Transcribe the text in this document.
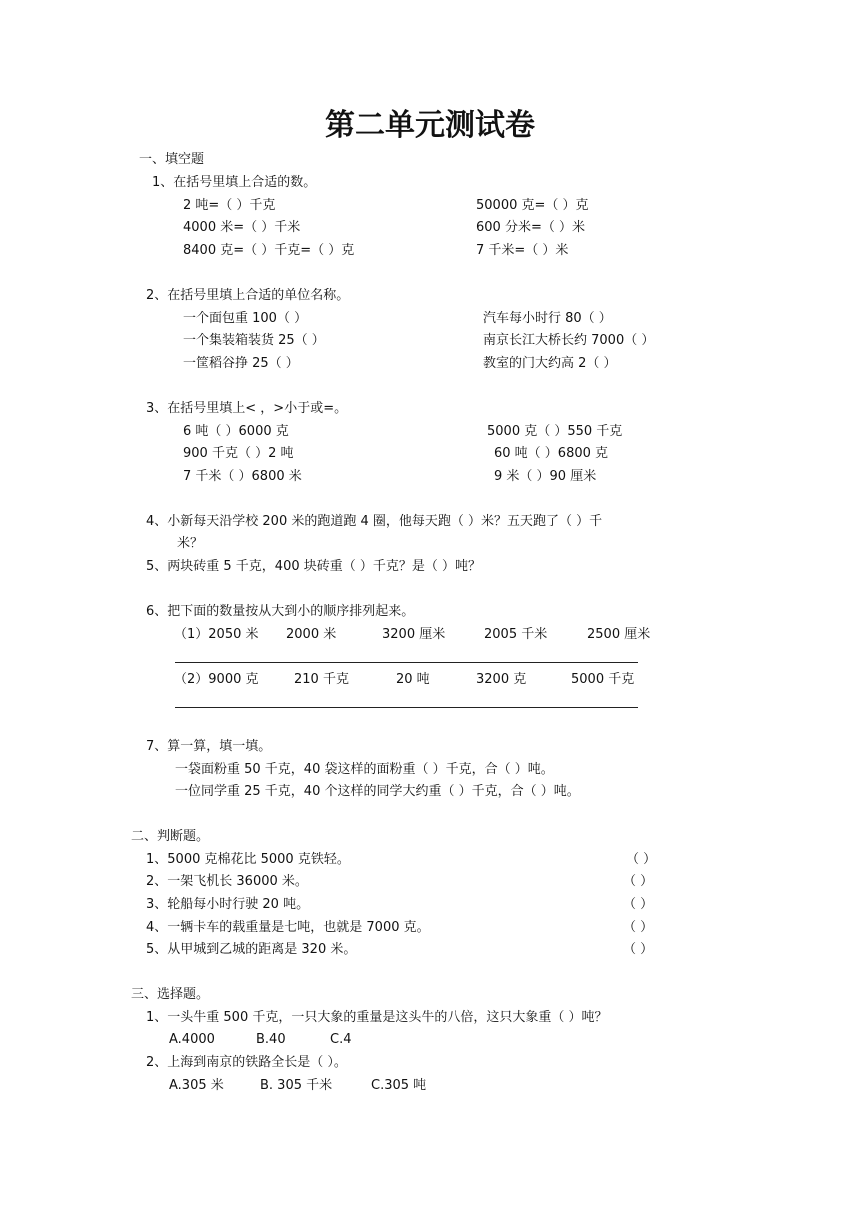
第二单元测试卷
一、填空题
1、在括号里填上合适的数。
2 吨=（ ）千克	50000 克=（ ）克
4000 米=（ ）千米	600 分米=（ ）米
8400 克=（ ）千克=（ ）克	7 千米=（ ）米
2、在括号里填上合适的单位名称。
一个面包重 100（ ）	汽车每小时行 80（ ）
一个集装箱装货 25（ ）	南京长江大桥长约 7000（ ）
一筐稻谷挣 25（ ）	教室的门大约高 2（ ）
3、在括号里填上< ，>小于或=。
6 吨（ ）6000 克	5000 克（ ）550 千克
900 千克（ ）2 吨	60 吨（ ）6800 克
7 千米（ ）6800 米	9 米（ ）90 厘米
4、小新每天沿学校 200 米的跑道跑 4 圈，他每天跑（ ）米？五天跑了（ ）千
米？
5、两块砖重 5 千克，400 块砖重（ ）千克？是（ ）吨？
6、把下面的数量按从大到小的顺序排列起来。
（1）2050 米 2000 米	3200 厘米	2005 千米	2500 厘米
（2）9000 克	210 千克	20 吨	3200 克	5000 千克
7、算一算，填一填。
一袋面粉重 50 千克，40 袋这样的面粉重（ ）千克，合（ ）吨。
一位同学重 25 千克，40 个这样的同学大约重（ ）千克，合（ ）吨。
二、判断题。
1、5000 克棉花比 5000 克铁轻。	（ ）
2、一架飞机长 36000 米。	（ ）
3、轮船每小时行驶 20 吨。	（ ）
4、一辆卡车的载重量是七吨，也就是 7000 克。	（ ）
5、从甲城到乙城的距离是 320 米。	（ ）
三、选择题。
1、一头牛重 500 千克，一只大象的重量是这头牛的八倍，这只大象重（ ）吨？
A.4000	B.40	C.4
2、上海到南京的铁路全长是（ ）。
A.305 米	B. 305 千米	C.305 吨
